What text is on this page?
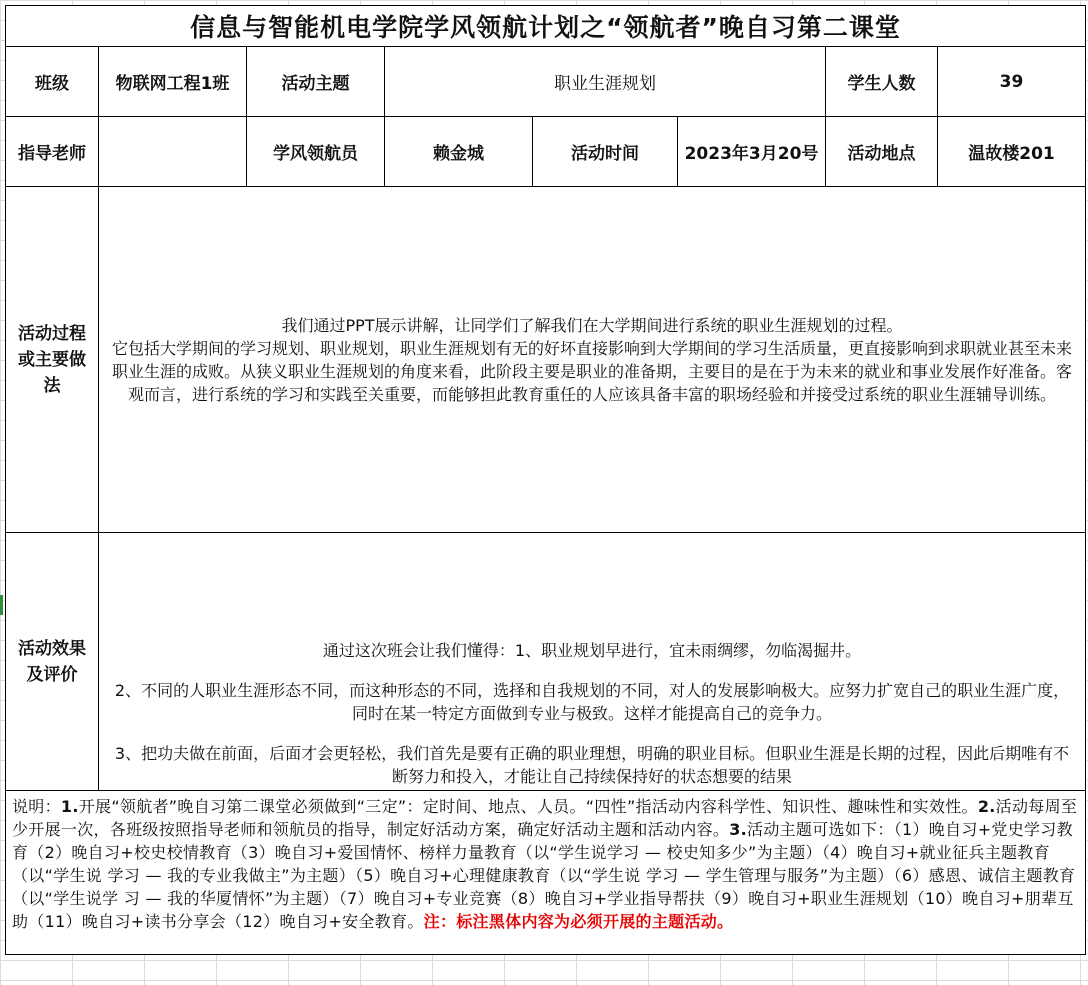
信息与智能机电学院学风领航计划之“领航者”晚自习第二课堂							
班级	物联网工程1班	活动主题	职业生涯规划			学生人数	39
指导老师		学风领航员	赖金城	活动时间	2023年3月20号	活动地点	温故楼201
活动过程或主要做法	我们通过PPT展示讲解，让同学们了解我们在大学期间进行系统的职业生涯规划的过程。

它包括大学期间的学习规划、职业规划，职业生涯规划有无的好坏直接影响到大学期间的学习生活质量，更直接影响到求职就业甚至未来职业生涯的成败。从狭义职业生涯规划的角度来看，此阶段主要是职业的准备期，主要目的是在于为未来的就业和事业发展作好准备。客观而言，进行系统的学习和实践至关重要，而能够担此教育重任的人应该具备丰富的职场经验和并接受过系统的职业生涯辅导训练。						

活动效果及评价	通过这次班会让我们懂得：1、职业规划早进行，宜未雨绸缪，勿临渴掘井。

2、不同的人职业生涯形态不同，而这种形态的不同，选择和自我规划的不同，对人的发展影响极大。应努力扩宽自己的职业生涯广度，同时在某一特定方面做到专业与极致。这样才能提高自己的竞争力。

3、把功夫做在前面，后面才会更轻松，我们首先是要有正确的职业理想，明确的职业目标。但职业生涯是长期的过程，因此后期唯有不断努力和投入，才能让自己持续保持好的状态想要的结果						

说明：1.开展“领航者”晚自习第二课堂必须做到“三定”：定时间、地点、人员。“四性”指活动内容科学性、知识性、趣味性和实效性。2.活动每周至少开展一次，各班级按照指导老师和领航员的指导，制定好活动方案，确定好活动主题和活动内容。3.活动主题可选如下：（1）晚自习+党史学习教育（2）晚自习+校史校情教育（3）晚自习+爱国情怀、榜样力量教育（以“学生说学习 — 校史知多少”为主题）（4）晚自习+就业征兵主题教育（以“学生说 学习 — 我的专业我做主”为主题）（5）晚自习+心理健康教育（以“学生说 学习 — 学生管理与服务”为主题）（6）感恩、诚信主题教育（以“学生说学 习 — 我的华厦情怀”为主题）（7）晚自习+专业竞赛（8）晚自习+学业指导帮扶（9）晚自习+职业生涯规划（10）晚自习+朋辈互助（11）晚自习+读书分享会（12）晚自习+安全教育。注：标注黑体内容为必须开展的主题活动。							
